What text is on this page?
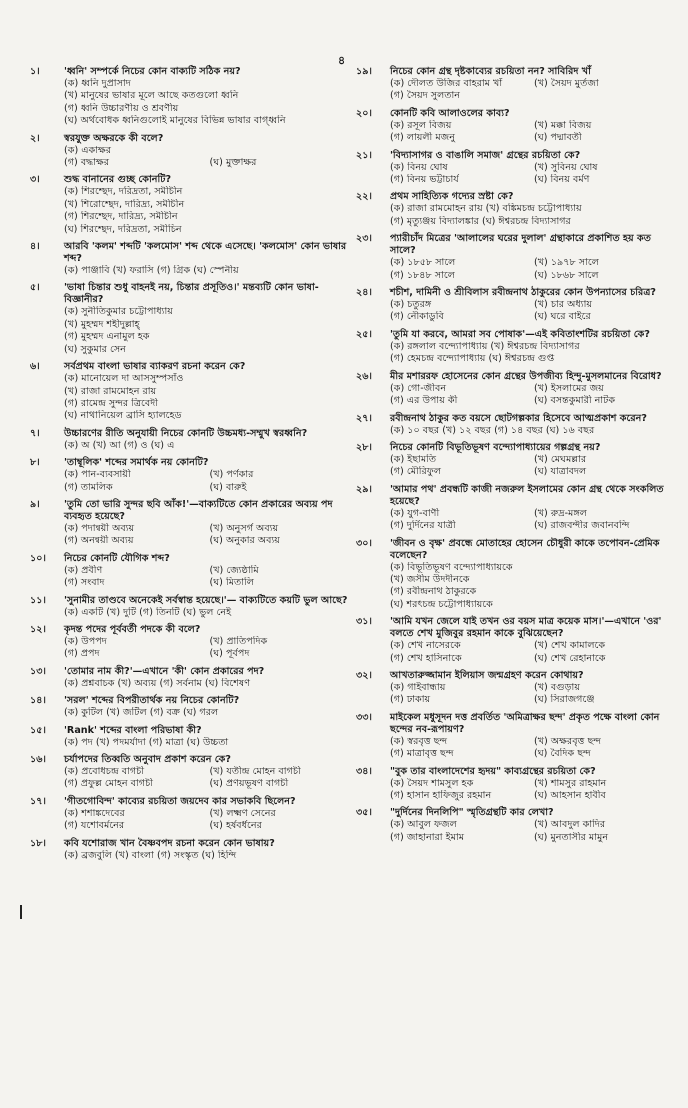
৪
১।	'ধ্বনি' সম্পর্কে নিচের কোন বাক্যটি সঠিক নয়?
(ক) ধ্বনি দুপ্রাসাদ
(খ) মানুষের ভাষার মূলে আছে কতগুলো ধ্বনি
(গ) ধ্বনি উচ্চারণীয় ও শ্রবণীয়
(ঘ) অর্থবোধক ধ্বনিগুলোই মানুষের বিভিন্ন ভাষার বাগ্ধ্বনি
২।	স্বরযুক্ত অক্ষরকে কী বলে?
(ক) একাক্ষর
(গ) বদ্ধাক্ষর	(ঘ) মুক্তাক্ষর
৩।	শুদ্ধ বানানের গুচ্ছ কোনটি?
(ক) শিরশ্ছেদ, দরিদ্রতা, সমীচীন
(খ) শিরোশ্ছেদ, দারিদ্র্য, সমীচীন
(গ) শিরশ্ছেদ, দারিদ্র্য, সমীচীন
(ঘ) শিরশ্ছেদ, দরিদ্রতা, সমীচিন
৪।	আরবি 'কলম' শব্দটি 'কলমোস' শব্দ থেকে এসেছে। 'কলমোস' কোন ভাষার শব্দ?
(ক) পাঞ্জাবি (খ) ফরাসি (গ) গ্রিক (ঘ) স্পেনীয়
৫।	'ভাষা চিন্তার শুধু বাহনই নয়, চিন্তার প্রসূতিও।' মন্তব্যটি কোন ভাষা-বিজ্ঞানীর?
(ক) সুনীতিকুমার চট্টোপাধ্যায়
(খ) মুহম্মদ শহীদুল্লাহ্
(গ) মুহম্মদ এনামুল হক
(ঘ) সুকুমার সেন
৬।	সর্বপ্রথম বাংলা ভাষার ব্যাকরণ রচনা করেন কে?
(ক) মানোয়েল দা আসসুম্পসাঁও
(খ) রাজা রামমোহন রায়
(গ) রামেন্দ্র সুন্দর ত্রিবেদী
(ঘ) নাথানিয়েল ব্রাসি হ্যালহেড
৭।	উচ্চারণের রীতি অনুযায়ী নিচের কোনটি উচ্চমধ্য-সম্মুখ স্বরধ্বনি?
(ক) অ (খ) আ (গ) ও (ঘ) এ
৮।	'তাম্বূলিক' শব্দের সমার্থক নয় কোনটি?
(ক) পান-ব্যবসায়ী	(খ) পর্ণকার
(গ) তামলিক	(ঘ) বারুই
৯।	'তুমি তো ভারি সুন্দর ছবি আঁক!'—বাক্যটিতে কোন প্রকারের অব্যয় পদ ব্যবহৃত হয়েছে?
(ক) পদান্বয়ী অব্যয়	(খ) অনুসর্গ অব্যয়
(গ) অনন্বয়ী অব্যয়	(ঘ) অনুকার অব্যয়
১০।	নিচের কোনটি যৌগিক শব্দ?
(ক) প্রবীণ	(খ) জ্যেষ্ঠামি
(গ) সংবাদ	(ঘ) মিতালি
১১।	'সুনামীর তাণ্ডবে অনেকেই সর্বস্বান্ত হয়েছে।'— বাক্যটিতে কয়টি ভুল আছে?
(ক) একটি (খ) দুটি (গ) তিনটি (ঘ) ভুল নেই
১২।	কৃদন্ত পদের পূর্ববর্তী পদকে কী বলে?
(ক) উপপদ	(খ) প্রাতিপদিক
(গ) প্রপদ	(ঘ) পূর্বপদ
১৩।	'তোমার নাম কী?'—এখানে 'কী' কোন প্রকারের পদ?
(ক) প্রশ্নবাচক (খ) অব্যয় (গ) সর্বনাম (ঘ) বিশেষণ
১৪।	'সরল' শব্দের বিপরীতার্থক নয় নিচের কোনটি?
(ক) কুটিল (খ) জটিল (গ) বক্র (ঘ) গরল
১৫।	'Rank' শব্দের বাংলা পরিভাষা কী?
(ক) পদ (খ) পদমর্যাদা (গ) মাত্রা (ঘ) উচ্চতা
১৬।	চর্যাপদের তিব্বতি অনুবাদ প্রকাশ করেন কে?
(ক) প্রবোধচন্দ্র বাগচী	(খ) যতীন্দ্র মোহন বাগচী
(গ) প্রফুল্ল মোহন বাগচী	(ঘ) প্রণয়ভূষণ বাগচী
১৭।	'গীতগোবিন্দ' কাব্যের রচয়িতা জয়দেব কার সভাকবি ছিলেন?
(ক) শশাঙ্কদেবের	(খ) লক্ষ্মণ সেনের
(গ) যশোবর্মনের	(ঘ) হর্ষবর্ধনের
১৮।	কবি যশোরাজ খান বৈষ্ণবপদ রচনা করেন কোন ভাষায়?
(ক) ব্রজবুলি (খ) বাংলা (গ) সংস্কৃত (ঘ) হিন্দি
১৯।	নিচের কোন গ্রন্থ দৃষ্টকাব্যের রচয়িতা নন? সাবিরিদ খাঁ
(ক) দৌলত উজির বাহরাম খাঁ	(খ) সৈয়দ মুর্তজা
(গ) সৈয়দ সুলতান
২০।	কোনটি কবি আলাওলের কাব্য?
(ক) রসূল বিজয়	(খ) মক্কা বিজয়
(গ) লায়লী মজনু	(ঘ) পদ্মাবতী
২১।	'বিদ্যাসাগর ও বাঙালি সমাজ' গ্রন্থের রচয়িতা কে?
(ক) বিনয় ঘোষ	(খ) সুবিনয় ঘোষ
(গ) বিনয় ভট্টাচার্য	(ঘ) বিনয় বর্মণ
২২।	প্রথম সাহিত্যিক গদ্যের স্রষ্টা কে?
(ক) রাজা রামমোহন রায় (খ) বঙ্কিমচন্দ্র চট্টোপাধ্যায়
(গ) মৃত্যুঞ্জয় বিদ্যালঙ্কার (ঘ) ঈশ্বরচন্দ্র বিদ্যাসাগর
২৩।	প্যারীচাঁদ মিত্রের 'আলালের ঘরের দুলাল' গ্রন্থাকারে প্রকাশিত হয় কত সালে?
(ক) ১৮৫৮ সালে	(খ) ১৯৭৮ সালে
(গ) ১৮৪৮ সালে	(ঘ) ১৮৬৮ সালে
২৪।	শচীশ, দামিনী ও শ্রীবিলাস রবীন্দ্রনাথ ঠাকুরের কোন উপন্যাসের চরিত্র?
(ক) চতুরঙ্গ	(খ) চার অধ্যায়
(গ) নৌকাডুবি	(ঘ) ঘরে বাইরে
২৫।	'তুমি যা করবে, আমরা সব পোষাক'—এই কবিতাংশটির রচয়িতা কে?
(ক) রঙ্গলাল বন্দ্যোপাধ্যায় (খ) ঈশ্বরচন্দ্র বিদ্যাসাগর
(গ) হেমচন্দ্র বন্দ্যোপাধ্যায় (ঘ) ঈশ্বরচন্দ্র গুপ্ত
২৬।	মীর মশাররফ হোসেনের কোন গ্রন্থের উপজীব্য হিন্দু-মুসলমানের বিরোধ?
(ক) গো-জীবন	(খ) ইসলামের জয়
(গ) এর উপায় কী	(ঘ) বসন্তকুমারী নাটক
২৭।	রবীন্দ্রনাথ ঠাকুর কত বয়সে ছোটগল্পকার হিসেবে আত্মপ্রকাশ করেন?
(ক) ১০ বছর (খ) ১২ বছর (গ) ১৪ বছর (ঘ) ১৬ বছর
২৮।	নিচের কোনটি বিভূতিভূষণ বন্দ্যোপাধ্যায়ের গল্পগ্রন্থ নয়?
(ক) ইছামতি	(খ) মেঘমল্লার
(গ) মৌরিফুল	(ঘ) যাত্রাবদল
২৯।	'আমার পথ' প্রবন্ধটি কাজী নজরুল ইসলামের কোন গ্রন্থ থেকে সংকলিত হয়েছে?
(ক) যুগ-বাণী	(খ) রুদ্র-মঙ্গল
(গ) দুর্দিনের যাত্রী	(ঘ) রাজবন্দীর জবানবন্দি
৩০।	'জীবন ও বৃক্ষ' প্রবন্ধে মোতাহের হোসেন চৌধুরী কাকে তপোবন-প্রেমিক বলেছেন?
(ক) বিভূতিভূষণ বন্দ্যোপাধ্যায়কে
(খ) জসীম উদদীনকে
(গ) রবীন্দ্রনাথ ঠাকুরকে
(ঘ) শরৎচন্দ্র চট্টোপাধ্যায়কে
৩১।	'আমি যখন জেলে যাই তখন ওর বয়স মাত্র কয়েক মাস।'—এখানে 'ওর' বলতে শেখ মুজিবুর রহমান কাকে বুঝিয়েছেন?
(ক) শেখ নাসেরকে	(খ) শেখ কামালকে
(গ) শেখ হাসিনাকে	(ঘ) শেখ রেহানাকে
৩২।	আখতারুজ্জামান ইলিয়াস জন্মগ্রহণ করেন কোথায়?
(ক) গাইবান্ধায়	(খ) বগুড়ায়
(গ) ঢাকায়	(ঘ) সিরাজগঞ্জে
৩৩।	মাইকেল মধুসূদন দত্ত প্রবর্তিত 'অমিত্রাক্ষর ছন্দ' প্রকৃত পক্ষে বাংলা কোন ছন্দের নব-রূপায়ণ?
(ক) স্বরবৃত্ত ছন্দ	(খ) অক্ষরবৃত্ত ছন্দ
(গ) মাত্রাবৃত্ত ছন্দ	(ঘ) বৈদিক ছন্দ
৩৪।	"বুক তার বাংলাদেশের হৃদয়" কাব্যগ্রন্থের রচয়িতা কে?
(ক) সৈয়দ শামসুল হক	(খ) শামসুর রাহমান
(গ) হাসান হাফিজুর রহমান	(ঘ) আহসান হাবীব
৩৫।	"দুর্দিনের দিনলিপি" স্মৃতিগ্রন্থটি কার লেখা?
(ক) আবুল ফজল	(খ) আবদুল কাদির
(গ) জাহানারা ইমাম	(ঘ) মুনতাসীর মামুন
